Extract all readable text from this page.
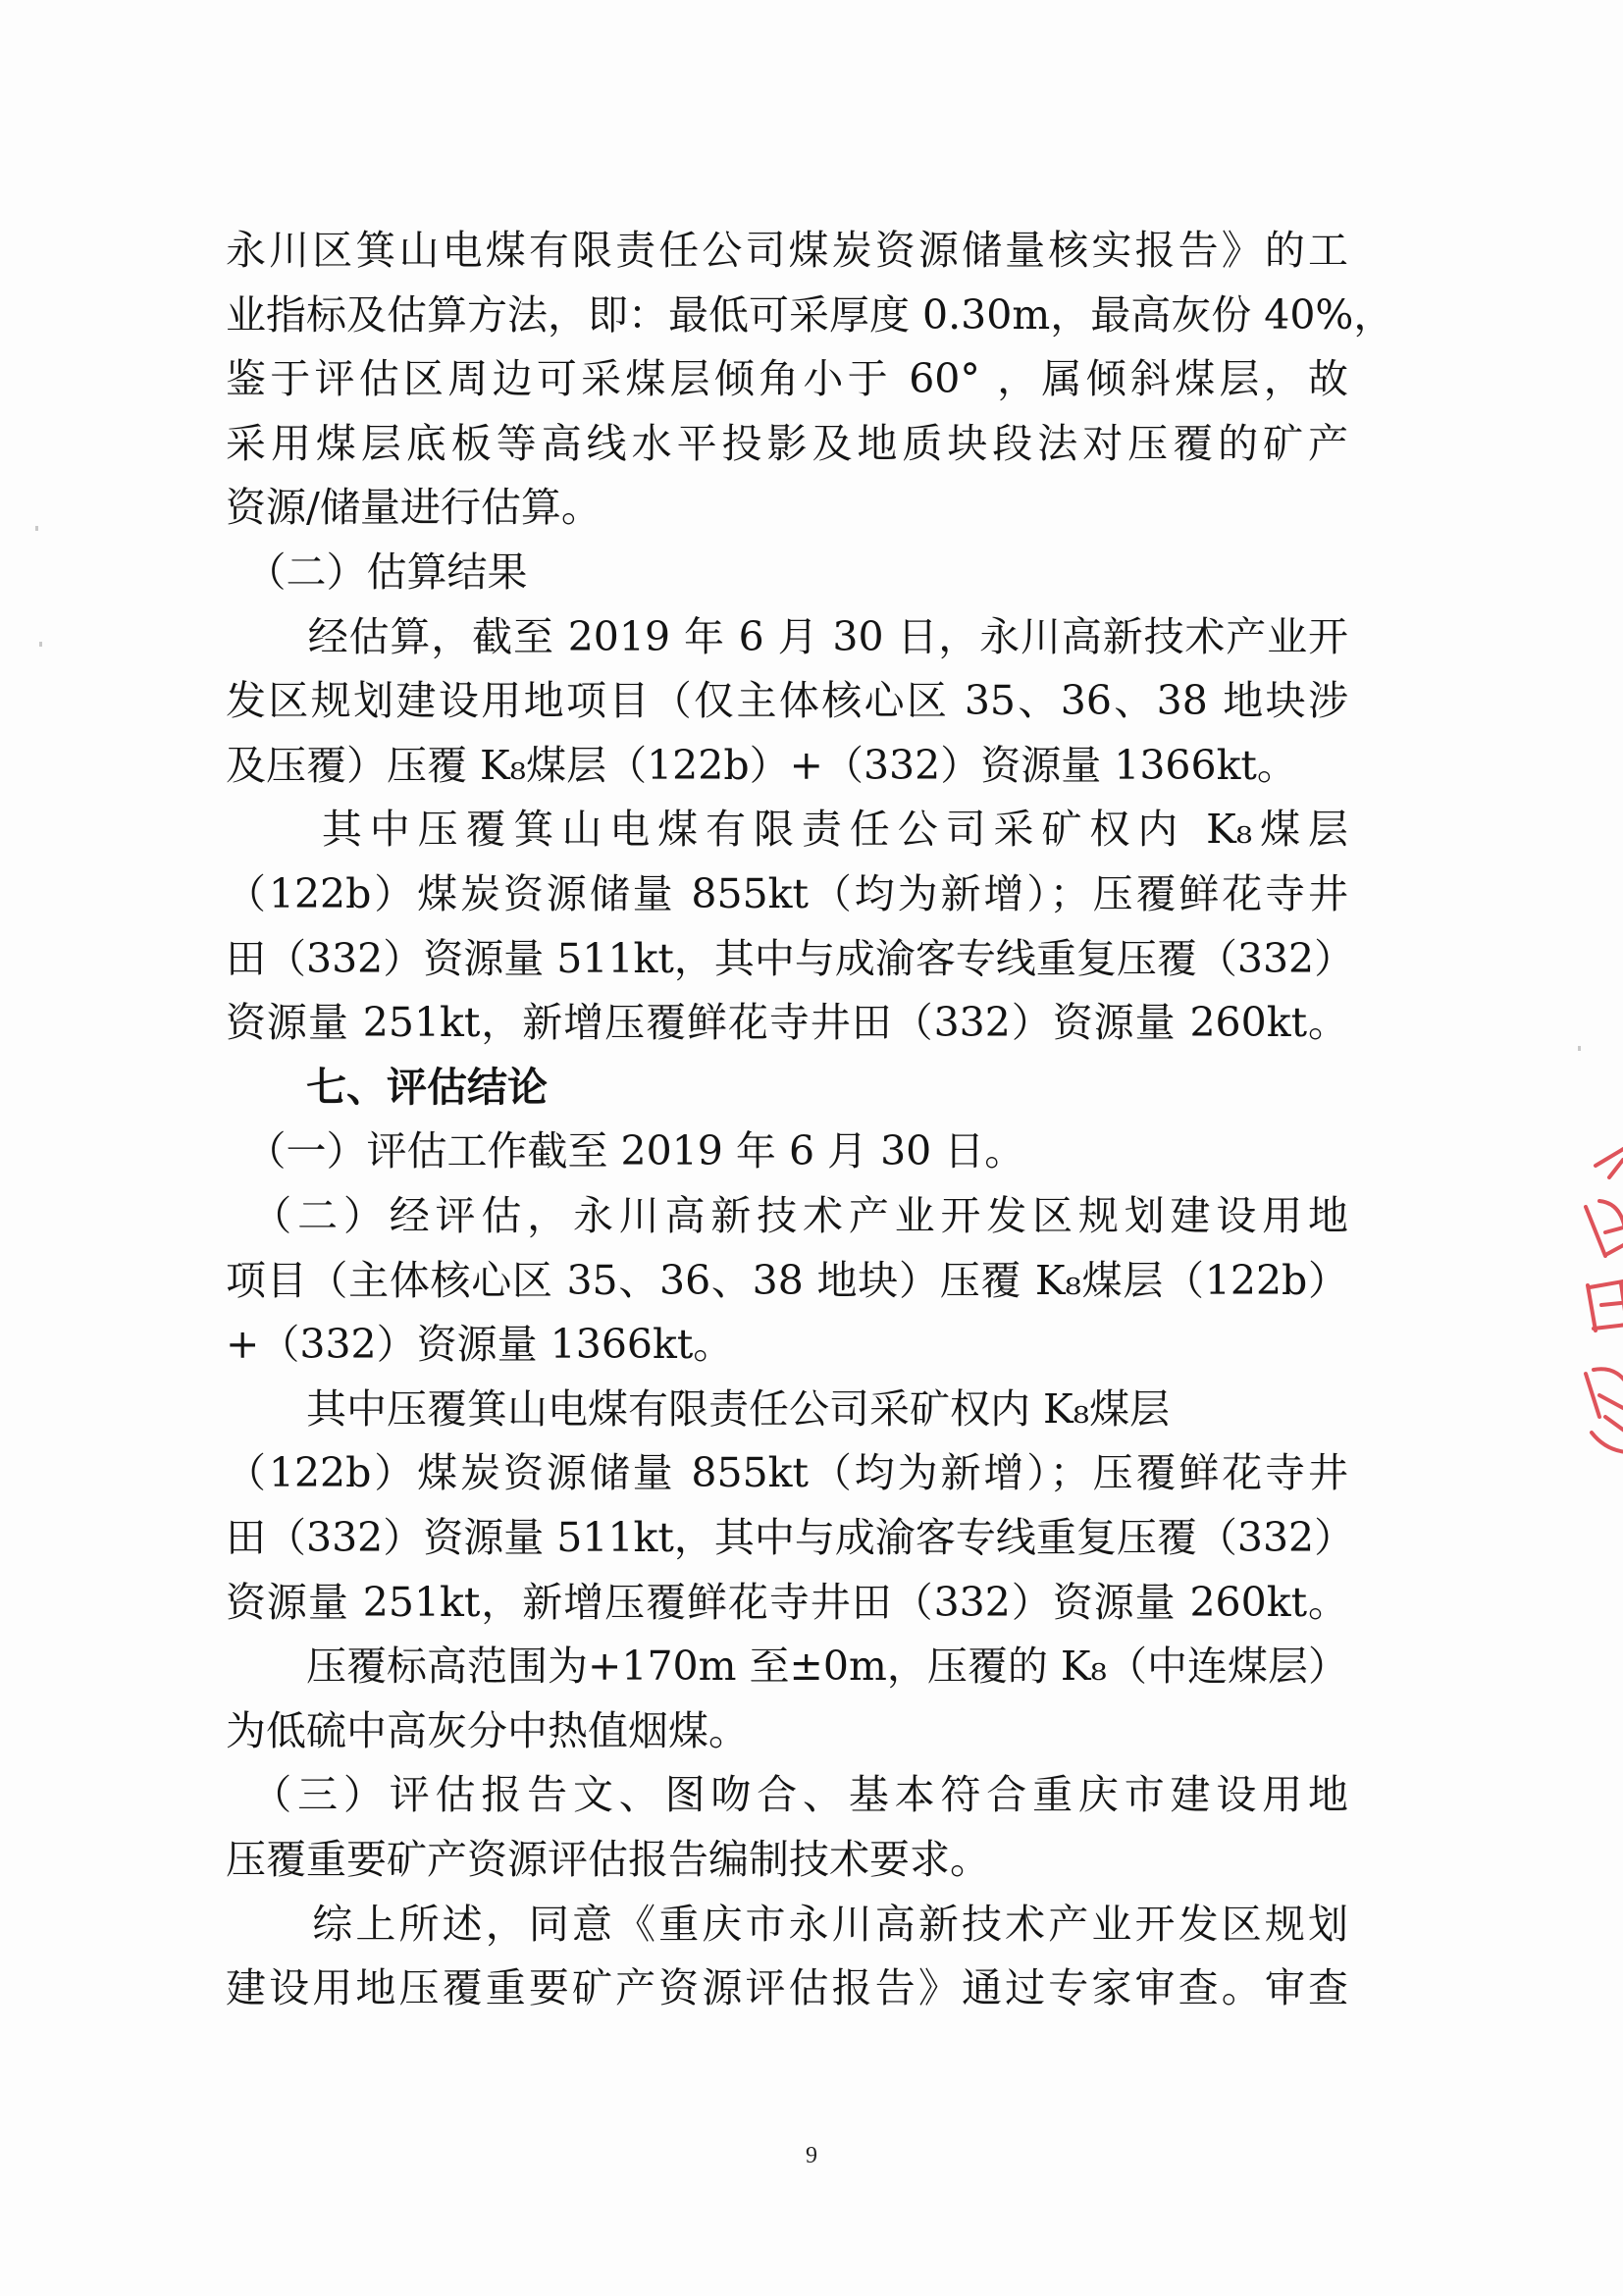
永川区箕山电煤有限责任公司煤炭资源储量核实报告》的工
业指标及估算方法，即：最低可采厚度 0.30m，最高灰份 40%，
鉴于评估区周边可采煤层倾角小于 60° ，属倾斜煤层，故
采用煤层底板等高线水平投影及地质块段法对压覆的矿产
资源/储量进行估算。
　（二）估算结果
　　经估算，截至 2019 年 6 月 30 日，永川高新技术产业开
发区规划建设用地项目（仅主体核心区 35、36、38 地块涉
及压覆）压覆 K₈煤层（122b）+（332）资源量 1366kt。
　　其中压覆箕山电煤有限责任公司采矿权内 K₈煤层
（122b）煤炭资源储量 855kt（均为新增）；压覆鲜花寺井
田（332）资源量 511kt，其中与成渝客专线重复压覆（332）
资源量 251kt，新增压覆鲜花寺井田（332）资源量 260kt。
　　七、评估结论
　（一）评估工作截至 2019 年 6 月 30 日。
　（二）经评估，永川高新技术产业开发区规划建设用地
项目（主体核心区 35、36、38 地块）压覆 K₈煤层（122b）
+（332）资源量 1366kt。
　　其中压覆箕山电煤有限责任公司采矿权内 K₈煤层
（122b）煤炭资源储量 855kt（均为新增）；压覆鲜花寺井
田（332）资源量 511kt，其中与成渝客专线重复压覆（332）
资源量 251kt，新增压覆鲜花寺井田（332）资源量 260kt。
　　压覆标高范围为+170m 至±0m，压覆的 K₈（中连煤层）
为低硫中高灰分中热值烟煤。
　（三）评估报告文、图吻合、基本符合重庆市建设用地
压覆重要矿产资源评估报告编制技术要求。
　　综上所述，同意《重庆市永川高新技术产业开发区规划
建设用地压覆重要矿产资源评估报告》通过专家审查。审查
9
